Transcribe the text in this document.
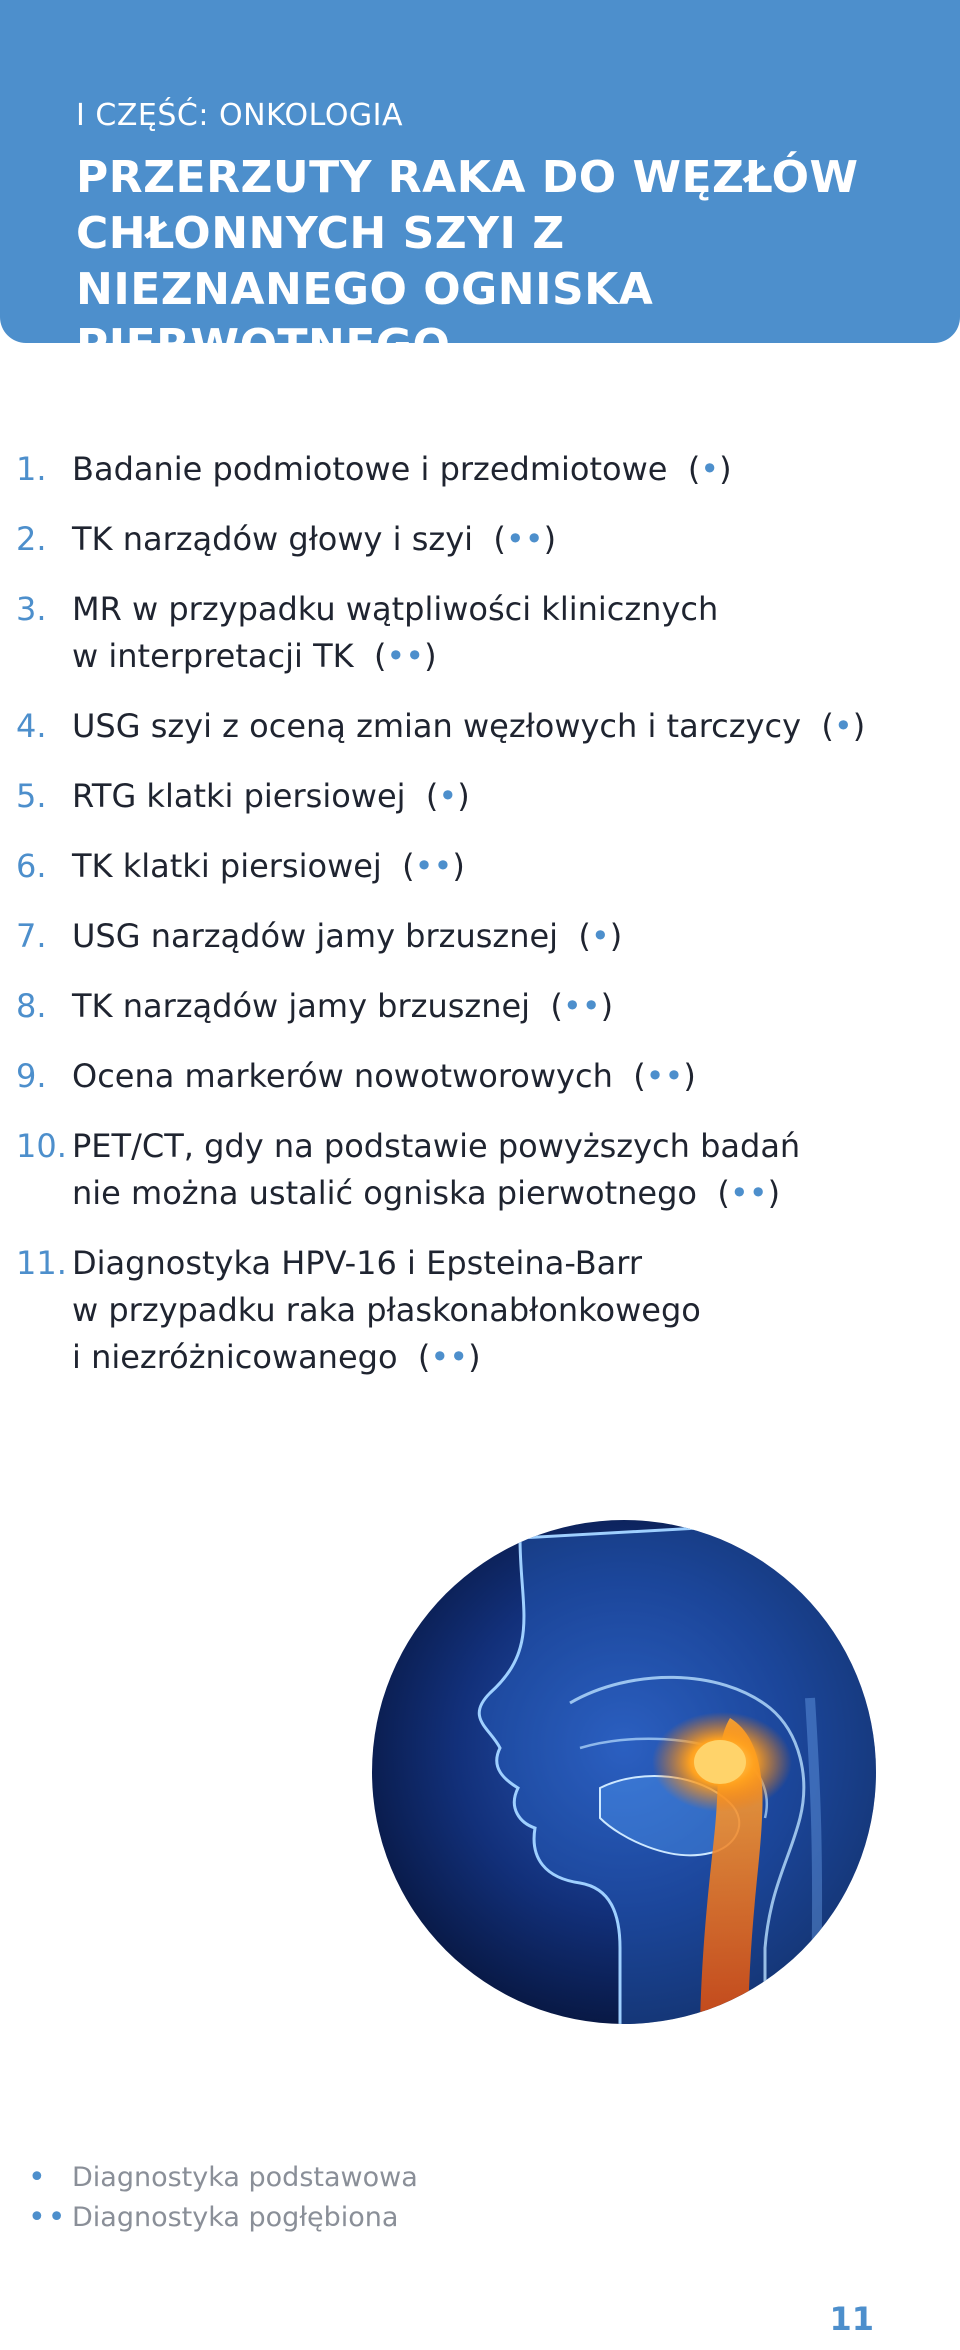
I CZĘŚĆ: ONKOLOGIA

PRZERZUTY RAKA DO WĘZŁÓW CHŁONNYCH SZYI Z NIEZNANEGO OGNISKA PIERWOTNEGO
1. Badanie podmiotowe i przedmiotowe (•)
2. TK narządów głowy i szyi (••)
3. MR w przypadku wątpliwości klinicznych
w interpretacji TK (••)
4. USG szyi z oceną zmian węzłowych i tarczycy (•)
5. RTG klatki piersiowej (•)
6. TK klatki piersiowej (••)
7. USG narządów jamy brzusznej (•)
8. TK narządów jamy brzusznej (••)
9. Ocena markerów nowotworowych (••)
10. PET/CT, gdy na podstawie powyższych badań
nie można ustalić ogniska pierwotnego (••)
11. Diagnostyka HPV-16 i Epsteina-Barr
w przypadku raka płaskonabłonkowego
i niezróżnicowanego (••)
• Diagnostyka podstawowa
•• Diagnostyka pogłębiona
11
